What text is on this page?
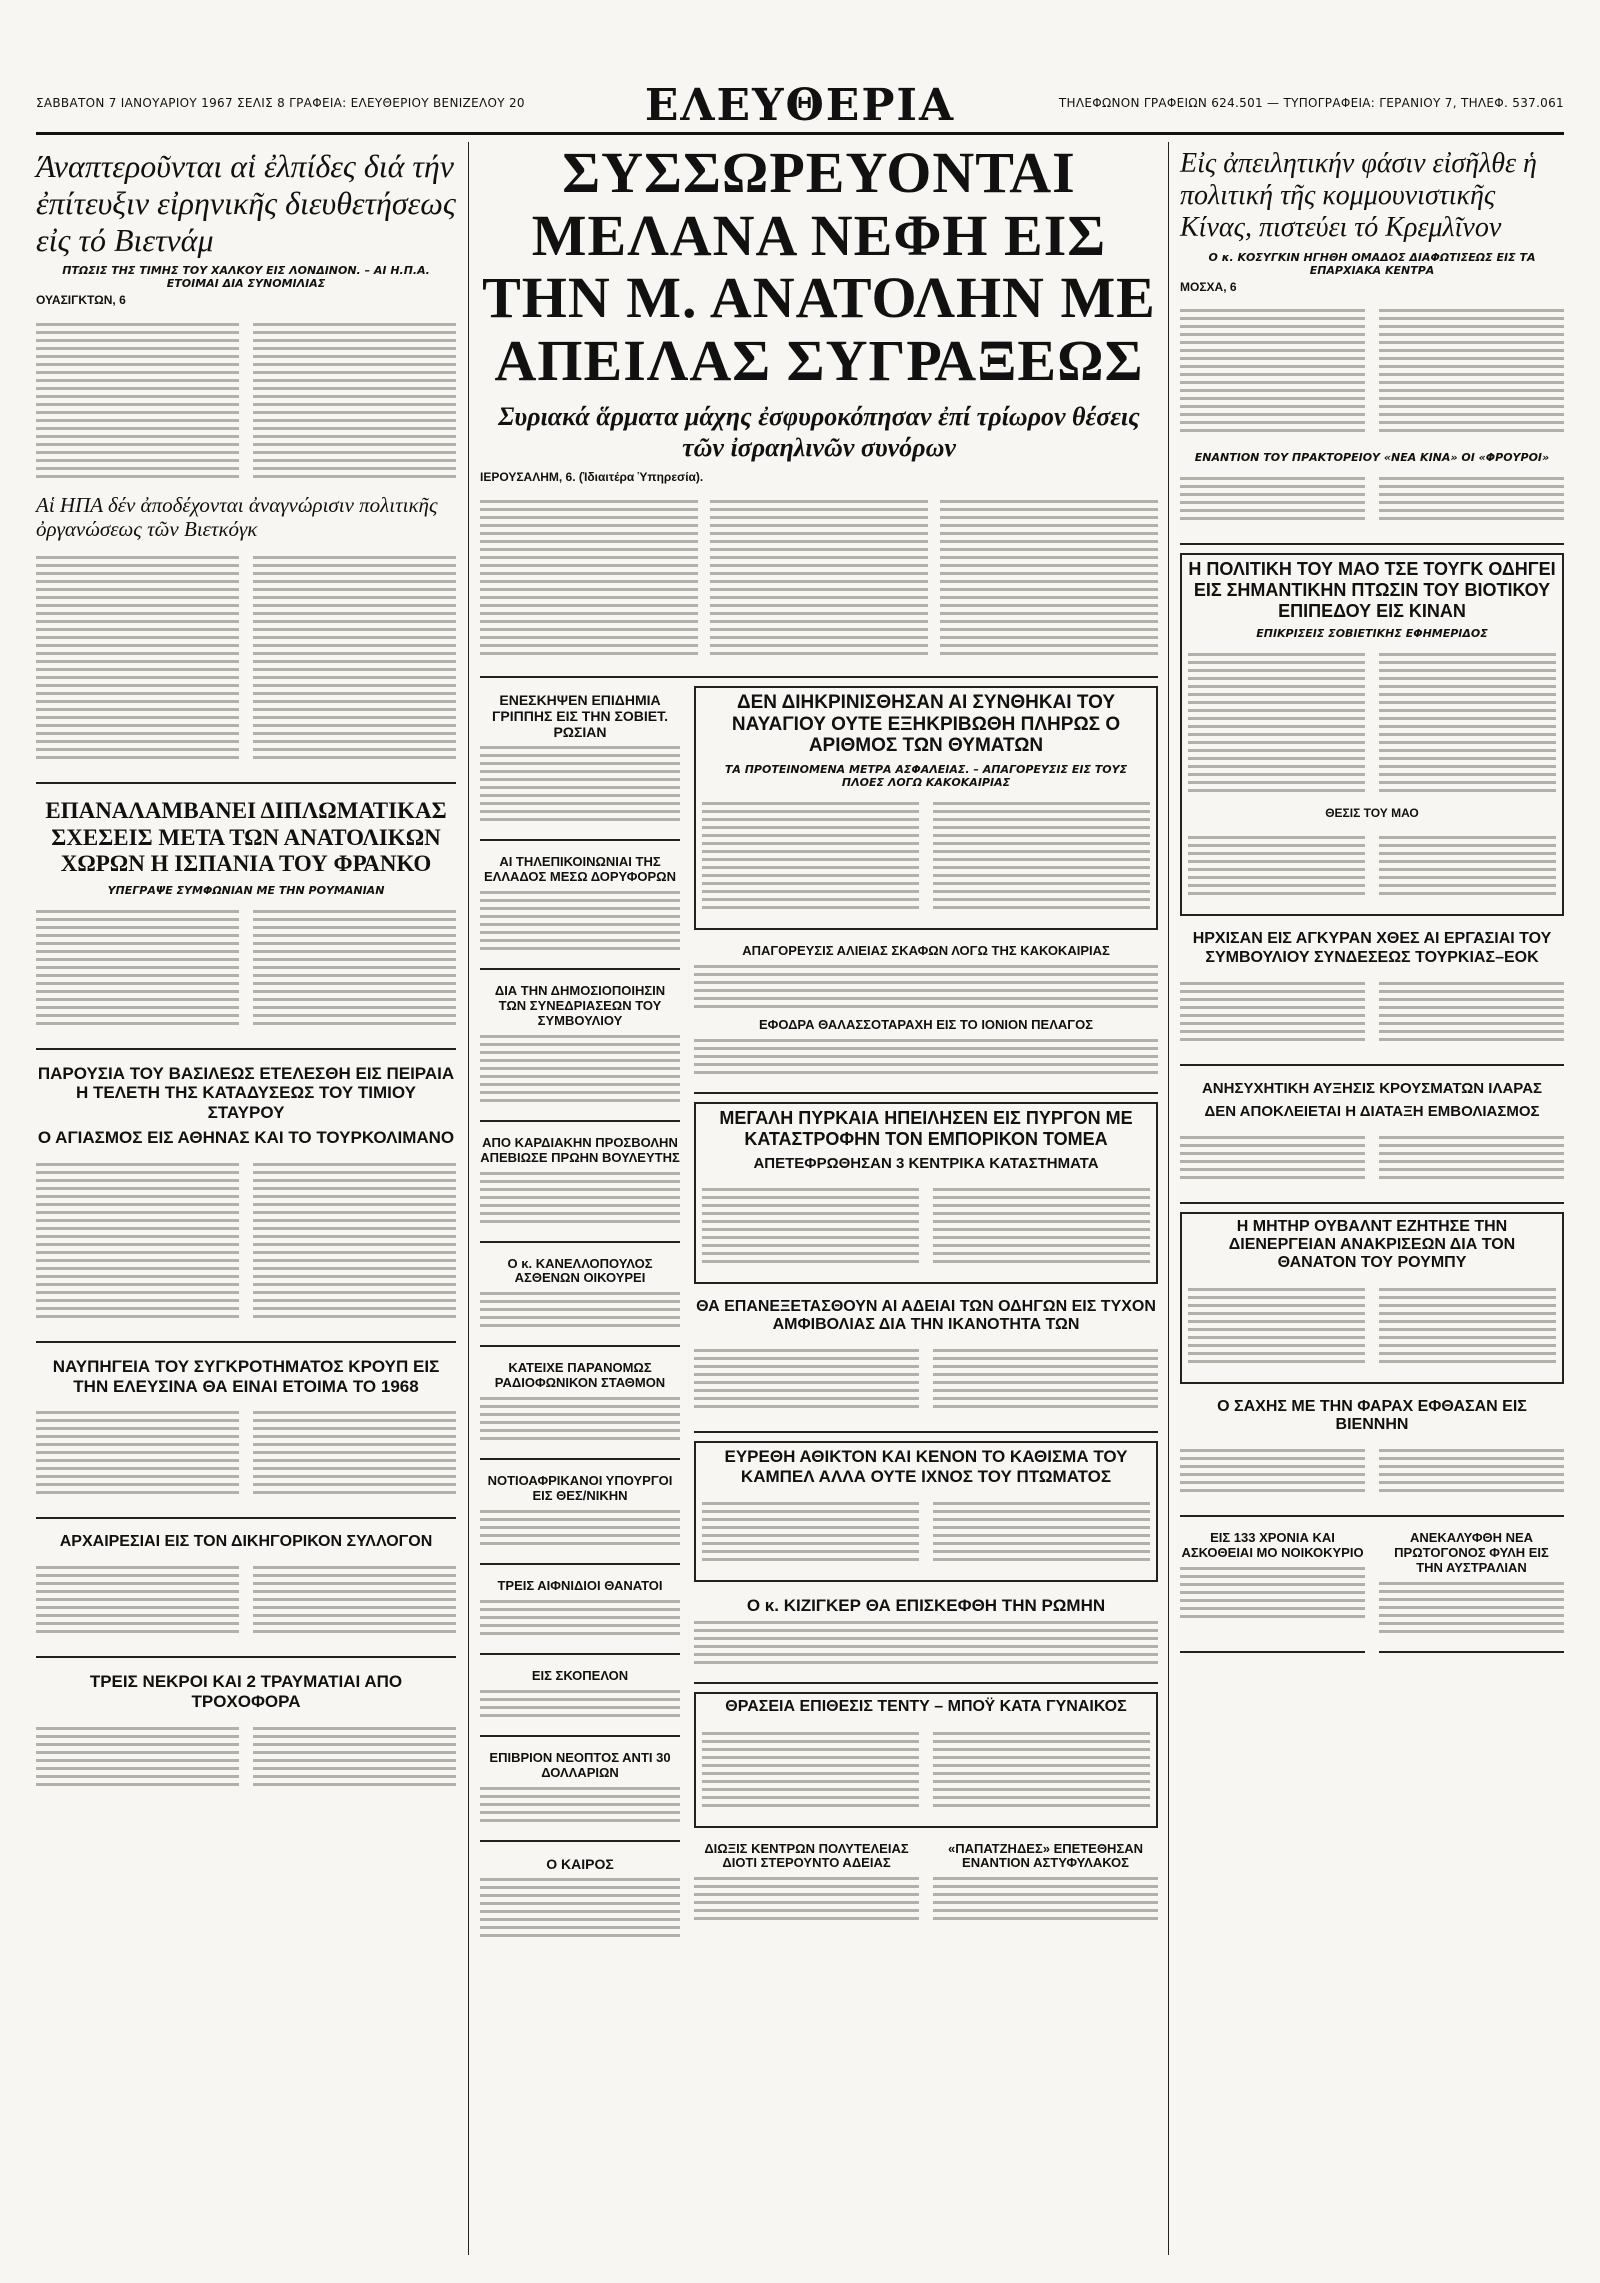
ΣΑΒΒΑΤΟΝ 7 ΙΑΝΟΥΑΡΙΟΥ 1967 ΣΕΛΙΣ 8 ΓΡΑΦΕΙΑ: ΕΛΕΥΘΕΡΙΟΥ ΒΕΝΙΖΕΛΟΥ 20	ΕΛΕΥΘΕΡΙΑ	ΤΗΛΕΦΩΝΟΝ ΓΡΑΦΕΙΩΝ 624.501 — ΤΥΠΟΓΡΑΦΕΙΑ: ΓΕΡΑΝΙΟΥ 7, ΤΗΛΕΦ. 537.061
Άναπτεροῦνται αἱ ἐλπίδες διά τήν ἐπίτευξιν εἰρηνικῆς διευθετήσεως εἰς τό Βιετνάμ
ΠΤΩΣΙΣ ΤΗΣ ΤΙΜΗΣ ΤΟΥ ΧΑΛΚΟΥ ΕΙΣ ΛΟΝΔΙΝΟΝ. – ΑΙ Η.Π.Α. ΕΤΟΙΜΑΙ ΔΙΑ ΣΥΝΟΜΙΛΙΑΣ
ΟΥΑΣΙΓΚΤΩΝ, 6
Αἱ ΗΠΑ δέν ἀποδέχονται ἀναγνώρισιν πολιτικῆς ὀργανώσεως τῶν Βιετκόγκ
ΕΠΑΝΑΛΑΜΒΑΝΕΙ ΔΙΠΛΩΜΑΤΙΚΑΣ ΣΧΕΣΕΙΣ ΜΕΤΑ ΤΩΝ ΑΝΑΤΟΛΙΚΩΝ ΧΩΡΩΝ Η ΙΣΠΑΝΙΑ ΤΟΥ ΦΡΑΝΚΟ
ΥΠΕΓΡΑΨΕ ΣΥΜΦΩΝΙΑΝ ΜΕ ΤΗΝ ΡΟΥΜΑΝΙΑΝ
ΠΑΡΟΥΣΙΑ ΤΟΥ ΒΑΣΙΛΕΩΣ ΕΤΕΛΕΣΘΗ ΕΙΣ ΠΕΙΡΑΙΑ Η ΤΕΛΕΤΗ ΤΗΣ ΚΑΤΑΔΥΣΕΩΣ ΤΟΥ ΤΙΜΙΟΥ ΣΤΑΥΡΟΥ
Ο ΑΓΙΑΣΜΟΣ ΕΙΣ ΑΘΗΝΑΣ ΚΑΙ ΤΟ ΤΟΥΡΚΟΛΙΜΑΝΟ
ΝΑΥΠΗΓΕΙΑ ΤΟΥ ΣΥΓΚΡΟΤΗΜΑΤΟΣ ΚΡΟΥΠ ΕΙΣ ΤΗΝ ΕΛΕΥΣΙΝΑ ΘΑ ΕΙΝΑΙ ΕΤΟΙΜΑ ΤΟ 1968
ΑΡΧΑΙΡΕΣΙΑΙ ΕΙΣ ΤΟΝ ΔΙΚΗΓΟΡΙΚΟΝ ΣΥΛΛΟΓΟΝ
ΤΡΕΙΣ ΝΕΚΡΟΙ ΚΑΙ 2 ΤΡΑΥΜΑΤΙΑΙ ΑΠΟ ΤΡΟΧΟΦΟΡΑ
ΣΥΣΣΩΡΕΥΟΝΤΑΙ ΜΕΛΑΝΑ ΝΕΦΗ ΕΙΣ ΤΗΝ Μ. ΑΝΑΤΟΛΗΝ ΜΕ ΑΠΕΙΛΑΣ ΣΥΓΡΑΞΕΩΣ
Συριακά ἅρματα μάχης ἐσφυροκόπησαν ἐπί τρίωρον θέσεις τῶν ἰσραηλινῶν συνόρων
ΙΕΡΟΥΣΑΛΗΜ, 6. (Ἰδιαιτέρα Ὑπηρεσία).
ΕΝΕΣΚΗΨΕΝ ΕΠΙΔΗΜΙΑ ΓΡΙΠΠΗΣ ΕΙΣ ΤΗΝ ΣΟΒΙΕΤ. ΡΩΣΙΑΝ
ΑΙ ΤΗΛΕΠΙΚΟΙΝΩΝΙΑΙ ΤΗΣ ΕΛΛΑΔΟΣ ΜΕΣΩ ΔΟΡΥΦΟΡΩΝ
ΔΙΑ ΤΗΝ ΔΗΜΟΣΙΟΠΟΙΗΣΙΝ ΤΩΝ ΣΥΝΕΔΡΙΑΣΕΩΝ ΤΟΥ ΣΥΜΒΟΥΛΙΟΥ
ΑΠΟ ΚΑΡΔΙΑΚΗΝ ΠΡΟΣΒΟΛΗΝ ΑΠΕΒΙΩΣΕ ΠΡΩΗΝ ΒΟΥΛΕΥΤΗΣ
Ο κ. ΚΑΝΕΛΛΟΠΟΥΛΟΣ ΑΣΘΕΝΩΝ ΟΙΚΟΥΡΕΙ
ΚΑΤΕΙΧΕ ΠΑΡΑΝΟΜΩΣ ΡΑΔΙΟΦΩΝΙΚΟΝ ΣΤΑΘΜΟΝ
ΝΟΤΙΟΑΦΡΙΚΑΝΟΙ ΥΠΟΥΡΓΟΙ ΕΙΣ ΘΕΣ/ΝΙΚΗΝ
ΤΡΕΙΣ ΑΙΦΝΙΔΙΟΙ ΘΑΝΑΤΟΙ
ΕΙΣ ΣΚΟΠΕΛΟΝ
ΕΠΙΒΡΙΟΝ ΝΕΟΠΤΟΣ ΑΝΤΙ 30 ΔΟΛΛΑΡΙΩΝ
Ο ΚΑΙΡΟΣ
ΔΕΝ ΔΙΗΚΡΙΝΙΣΘΗΣΑΝ ΑΙ ΣΥΝΘΗΚΑΙ ΤΟΥ ΝΑΥΑΓΙΟΥ ΟΥΤΕ ΕΞΗΚΡΙΒΩΘΗ ΠΛΗΡΩΣ Ο ΑΡΙΘΜΟΣ ΤΩΝ ΘΥΜΑΤΩΝ
ΤΑ ΠΡΟΤΕΙΝΟΜΕΝΑ ΜΕΤΡΑ ΑΣΦΑΛΕΙΑΣ. – ΑΠΑΓΟΡΕΥΣΙΣ ΕΙΣ ΤΟΥΣ ΠΛΟΕΣ ΛΟΓΩ ΚΑΚΟΚΑΙΡΙΑΣ
ΑΠΑΓΟΡΕΥΣΙΣ ΑΛΙΕΙΑΣ ΣΚΑΦΩΝ ΛΟΓΩ ΤΗΣ ΚΑΚΟΚΑΙΡΙΑΣ
ΕΦΟΔΡΑ ΘΑΛΑΣΣΟΤΑΡΑΧΗ ΕΙΣ ΤΟ ΙΟΝΙΟΝ ΠΕΛΑΓΟΣ
ΜΕΓΑΛΗ ΠΥΡΚΑΙΑ ΗΠΕΙΛΗΣΕΝ ΕΙΣ ΠΥΡΓΟΝ ΜΕ ΚΑΤΑΣΤΡΟΦΗΝ ΤΟΝ ΕΜΠΟΡΙΚΟΝ ΤΟΜΕΑ
ΑΠΕΤΕΦΡΩΘΗΣΑΝ 3 ΚΕΝΤΡΙΚΑ ΚΑΤΑΣΤΗΜΑΤΑ
ΘΑ ΕΠΑΝΕΞΕΤΑΣΘΟΥΝ ΑΙ ΑΔΕΙΑΙ ΤΩΝ ΟΔΗΓΩΝ ΕΙΣ ΤΥΧΟΝ ΑΜΦΙΒΟΛΙΑΣ ΔΙΑ ΤΗΝ ΙΚΑΝΟΤΗΤΑ ΤΩΝ
ΕΥΡΕΘΗ ΑΘΙΚΤΟΝ ΚΑΙ ΚΕΝΟΝ ΤΟ ΚΑΘΙΣΜΑ ΤΟΥ ΚΑΜΠΕΛ ΑΛΛΑ ΟΥΤΕ ΙΧΝΟΣ ΤΟΥ ΠΤΩΜΑΤΟΣ
Ο κ. ΚΙΖΙΓΚΕΡ ΘΑ ΕΠΙΣΚΕΦΘΗ ΤΗΝ ΡΩΜΗΝ
ΘΡΑΣΕΙΑ ΕΠΙΘΕΣΙΣ ΤΕΝΤΥ – ΜΠΟΫ ΚΑΤΑ ΓΥΝΑΙΚΟΣ
ΔΙΩΞΙΣ ΚΕΝΤΡΩΝ ΠΟΛΥΤΕΛΕΙΑΣ ΔΙΟΤΙ ΣΤΕΡΟΥΝΤΟ ΑΔΕΙΑΣ
«ΠΑΠΑΤΖΗΔΕΣ» ΕΠΕΤΕΘΗΣΑΝ ΕΝΑΝΤΙΟΝ ΑΣΤΥΦΥΛΑΚΟΣ
Εἰς ἀπειλητικήν φάσιν εἰσῆλθε ἡ πολιτική τῆς κομμουνιστικῆς Κίνας, πιστεύει τό Κρεμλῖνον
Ο κ. ΚΟΣΥΓΚΙΝ ΗΓΗΘΗ ΟΜΑΔΟΣ ΔΙΑΦΩΤΙΣΕΩΣ ΕΙΣ ΤΑ ΕΠΑΡΧΙΑΚΑ ΚΕΝΤΡΑ
ΜΟΣΧΑ, 6
ΕΝΑΝΤΙΟΝ ΤΟΥ ΠΡΑΚΤΟΡΕΙΟΥ «ΝΕΑ ΚΙΝΑ» ΟΙ «ΦΡΟΥΡΟΙ»
Η ΠΟΛΙΤΙΚΗ ΤΟΥ ΜΑΟ ΤΣΕ ΤΟΥΓΚ ΟΔΗΓΕΙ ΕΙΣ ΣΗΜΑΝΤΙΚΗΝ ΠΤΩΣΙΝ ΤΟΥ ΒΙΟΤΙΚΟΥ ΕΠΙΠΕΔΟΥ ΕΙΣ ΚΙΝΑΝ
ΕΠΙΚΡΙΣΕΙΣ ΣΟΒΙΕΤΙΚΗΣ ΕΦΗΜΕΡΙΔΟΣ
ΘΕΣΙΣ ΤΟΥ ΜΑΟ
ΗΡΧΙΣΑΝ ΕΙΣ ΑΓΚΥΡΑΝ ΧΘΕΣ ΑΙ ΕΡΓΑΣΙΑΙ ΤΟΥ ΣΥΜΒΟΥΛΙΟΥ ΣΥΝΔΕΣΕΩΣ ΤΟΥΡΚΙΑΣ–ΕΟΚ
ΑΝΗΣΥΧΗΤΙΚΗ ΑΥΞΗΣΙΣ ΚΡΟΥΣΜΑΤΩΝ ΙΛΑΡΑΣ
ΔΕΝ ΑΠΟΚΛΕΙΕΤΑΙ Η ΔΙΑΤΑΞΗ ΕΜΒΟΛΙΑΣΜΟΣ
Η ΜΗΤΗΡ ΟΥΒΑΛΝΤ ΕΖΗΤΗΣΕ ΤΗΝ ΔΙΕΝΕΡΓΕΙΑΝ ΑΝΑΚΡΙΣΕΩΝ ΔΙΑ ΤΟΝ ΘΑΝΑΤΟΝ ΤΟΥ ΡΟΥΜΠΥ
Ο ΣΑΧΗΣ ΜΕ ΤΗΝ ΦΑΡΑΧ ΕΦΘΑΣΑΝ ΕΙΣ ΒΙΕΝΝΗΝ
ΕΙΣ 133 ΧΡΟΝΙΑ ΚΑΙ ΑΣΚΟΘΕΙΑΙ ΜΟ ΝΟΙΚΟΚΥΡΙΟ
ΑΝΕΚΑΛΥΦΘΗ ΝΕΑ ΠΡΩΤΟΓΟΝΟΣ ΦΥΛΗ ΕΙΣ ΤΗΝ ΑΥΣΤΡΑΛΙΑΝ
